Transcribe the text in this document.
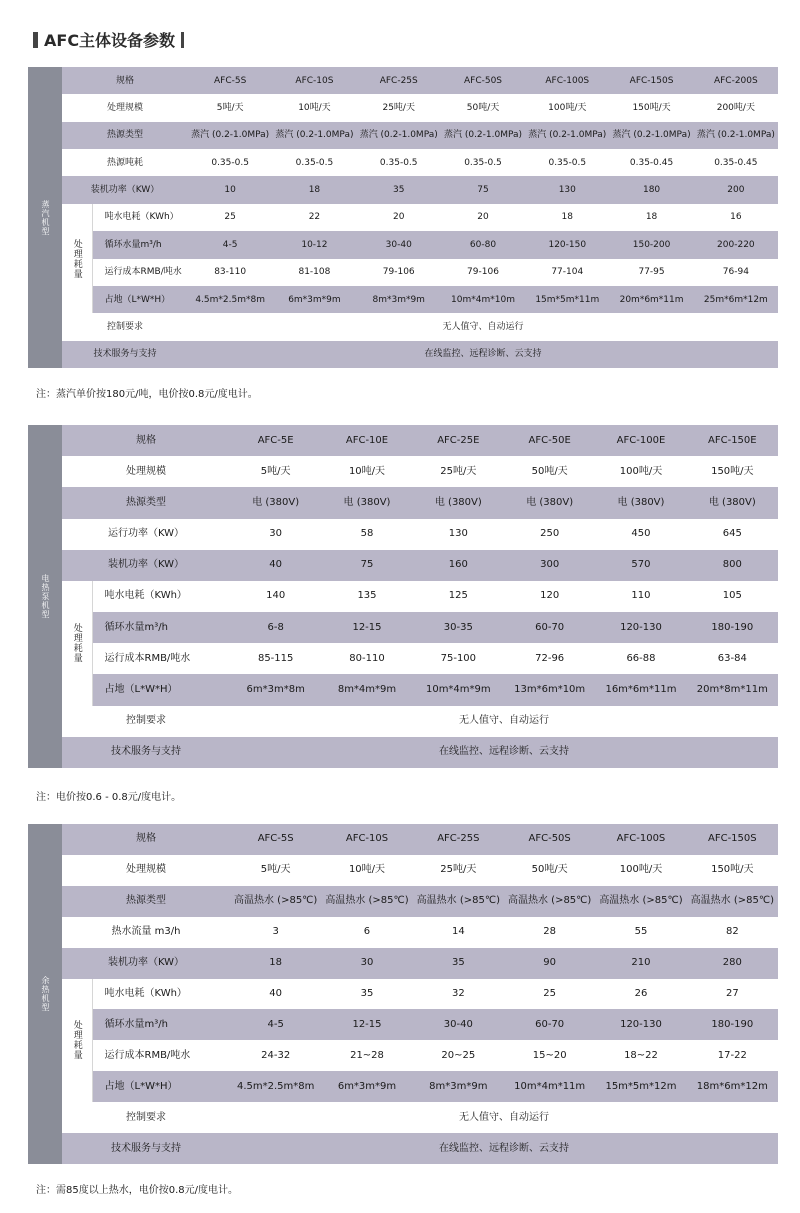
AFC主体设备参数
蒸汽机型	规格		AFC-5S	AFC-10S	AFC-25S	AFC-50S	AFC-100S	AFC-150S	AFC-200S
	处理规模		5吨/天	10吨/天	25吨/天	50吨/天	100吨/天	150吨/天	200吨/天
	热源类型		蒸汽 (0.2-1.0MPa)	蒸汽 (0.2-1.0MPa)	蒸汽 (0.2-1.0MPa)	蒸汽 (0.2-1.0MPa)	蒸汽 (0.2-1.0MPa)	蒸汽 (0.2-1.0MPa)	蒸汽 (0.2-1.0MPa)
	热源吨耗		0.35-0.5	0.35-0.5	0.35-0.5	0.35-0.5	0.35-0.5	0.35-0.45	0.35-0.45
	装机功率（KW）		10	18	35	75	130	180	200
	处理耗量	吨水电耗（KWh）	25	22	20	20	18	18	16
		循环水量m³/h	4-5	10-12	30-40	60-80	120-150	150-200	200-220
		运行成本RMB/吨水	83-110	81-108	79-106	79-106	77-104	77-95	76-94
		占地（L*W*H）	4.5m*2.5m*8m	6m*3m*9m	8m*3m*9m	10m*4m*10m	15m*5m*11m	20m*6m*11m	25m*6m*12m
	控制要求		无人值守、自动运行						
	技术服务与支持		在线监控、远程诊断、云支持						
注：蒸汽单价按180元/吨，电价按0.8元/度电计。
电热泵机型	规格		AFC-5E	AFC-10E	AFC-25E	AFC-50E	AFC-100E	AFC-150E
	处理规模		5吨/天	10吨/天	25吨/天	50吨/天	100吨/天	150吨/天
	热源类型		电 (380V)	电 (380V)	电 (380V)	电 (380V)	电 (380V)	电 (380V)
	运行功率（KW）		30	58	130	250	450	645
	装机功率（KW）		40	75	160	300	570	800
	处理耗量	吨水电耗（KWh）	140	135	125	120	110	105
		循环水量m³/h	6-8	12-15	30-35	60-70	120-130	180-190
		运行成本RMB/吨水	85-115	80-110	75-100	72-96	66-88	63-84
		占地（L*W*H）	6m*3m*8m	8m*4m*9m	10m*4m*9m	13m*6m*10m	16m*6m*11m	20m*8m*11m
	控制要求		无人值守、自动运行					
	技术服务与支持		在线监控、远程诊断、云支持					
注：电价按0.6 - 0.8元/度电计。
余热机型	规格		AFC-5S	AFC-10S	AFC-25S	AFC-50S	AFC-100S	AFC-150S
	处理规模		5吨/天	10吨/天	25吨/天	50吨/天	100吨/天	150吨/天
	热源类型		高温热水 (>85℃)	高温热水 (>85℃)	高温热水 (>85℃)	高温热水 (>85℃)	高温热水 (>85℃)	高温热水 (>85℃)
	热水流量 m3/h		3	6	14	28	55	82
	装机功率（KW）		18	30	35	90	210	280
	处理耗量	吨水电耗（KWh）	40	35	32	25	26	27
		循环水量m³/h	4-5	12-15	30-40	60-70	120-130	180-190
		运行成本RMB/吨水	24-32	21~28	20~25	15~20	18~22	17-22
		占地（L*W*H）	4.5m*2.5m*8m	6m*3m*9m	8m*3m*9m	10m*4m*11m	15m*5m*12m	18m*6m*12m
	控制要求		无人值守、自动运行					
	技术服务与支持		在线监控、远程诊断、云支持					
注：需85度以上热水，电价按0.8元/度电计。
